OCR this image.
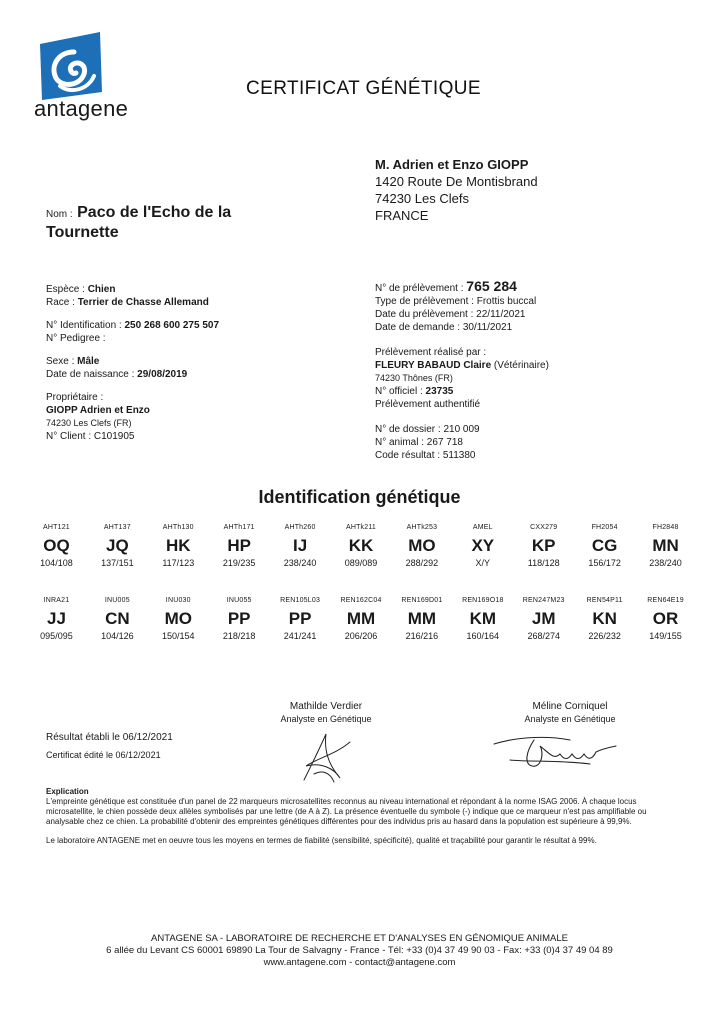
antagene
CERTIFICAT GÉNÉTIQUE
M. Adrien et Enzo GIOPP
1420 Route De Montisbrand
74230 Les Clefs
FRANCE
Nom : Paco de l'Echo de la Tournette
Espèce : Chien
Race : Terrier de Chasse Allemand
N° Identification : 250 268 600 275 507
N° Pedigree :
Sexe : Mâle
Date de naissance : 29/08/2019
Propriétaire :
GIOPP Adrien et Enzo
74230 Les Clefs (FR)
N° Client : C101905
N° de prélèvement : 765 284
Type de prélèvement : Frottis buccal
Date du prélèvement : 22/11/2021
Date de demande : 30/11/2021
Prélèvement réalisé par :
FLEURY BABAUD Claire (Vétérinaire)
74230 Thônes (FR)
N° officiel : 23735
Prélèvement authentifié
N° de dossier : 210 009
N° animal : 267 718
Code résultat : 511380
Identification génétique
AHT121
OQ
104/108
AHT137
JQ
137/151
AHTh130
HK
117/123
AHTh171
HP
219/235
AHTh260
IJ
238/240
AHTk211
KK
089/089
AHTk253
MO
288/292
AMEL
XY
X/Y
CXX279
KP
118/128
FH2054
CG
156/172
FH2848
MN
238/240
INRA21
JJ
095/095
INU005
CN
104/126
INU030
MO
150/154
INU055
PP
218/218
REN105L03
PP
241/241
REN162C04
MM
206/206
REN169D01
MM
216/216
REN169O18
KM
160/164
REN247M23
JM
268/274
REN54P11
KN
226/232
REN64E19
OR
149/155
Mathilde Verdier
Analyste en Génétique
Méline Corniquel
Analyste en Génétique
Résultat établi le 06/12/2021
Certificat édité le 06/12/2021
Explication
L'empreinte génétique est constituée d'un panel de 22 marqueurs microsatellites reconnus au niveau international et répondant à la norme ISAG 2006. À chaque locus microsatellite, le chien possède deux allèles symbolisés par une lettre (de A à Z). La présence éventuelle du symbole (-) indique que ce marqueur n'est pas amplifiable ou analysable chez ce chien. La probabilité d'obtenir des empreintes génétiques différentes pour des individus pris au hasard dans la population est supérieure à 99,9%.
Le laboratoire ANTAGENE met en oeuvre tous les moyens en termes de fiabilité (sensibilité, spécificité), qualité et traçabilité pour garantir le résultat à 99%.
ANTAGENE SA - LABORATOIRE DE RECHERCHE ET D'ANALYSES EN GÉNOMIQUE ANIMALE
6 allée du Levant CS 60001 69890 La Tour de Salvagny - France - Tél: +33 (0)4 37 49 90 03 - Fax: +33 (0)4 37 49 04 89
www.antagene.com - contact@antagene.com
